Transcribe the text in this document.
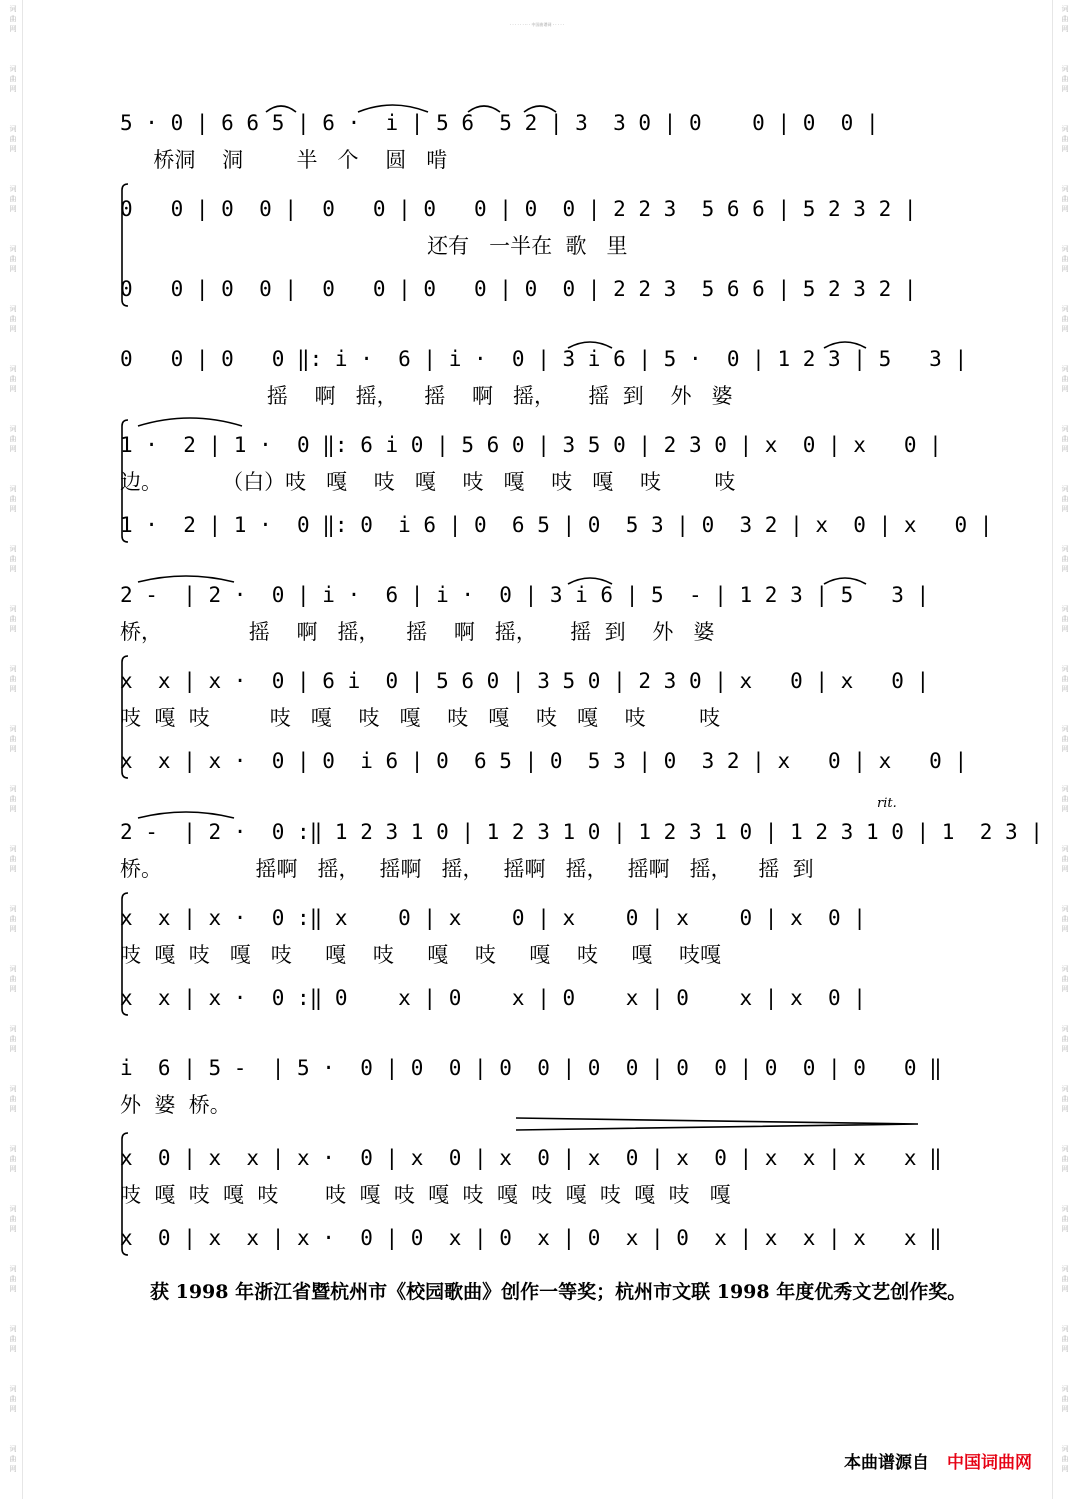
词
曲
网
词
曲
网
词
曲
网
词
曲
网
词
曲
网
词
曲
网
词
曲
网
词
曲
网
词
曲
网
词
曲
网
词
曲
网
词
曲
网
词
曲
网
词
曲
网
词
曲
网
词
曲
网
词
曲
网
词
曲
网
词
曲
网
词
曲
网
词
曲
网
词
曲
网
词
曲
网
词
曲
网
词
曲
网
词
曲
网
词
曲
网
词
曲
网
词
曲
网
词
曲
网
词
曲
网
词
曲
网
词
曲
网
词
曲
网
词
曲
网
词
曲
网
词
曲
网
词
曲
网
词
曲
网
词
曲
网
词
曲
网
词
曲
网
词
曲
网
词
曲
网
词
曲
网
词
曲
网
词
曲
网
词
曲
网
词
曲
网
词
曲
网
· · · · · · ·· · 中国曲谱网 · · · · ·
5 · 0 | 6 6 5 | 6 ·  i | 5 6  5 2 | 3  3 0 | 0    0 | 0  0 |
桥洞    洞        半   个    圆   啃
0   0 | 0  0 |  0   0 | 0   0 | 0  0 | 2 2 3  5 6 6 | 5 2 3 2 |
还有   一半在  歌   里
0   0 | 0  0 |  0   0 | 0   0 | 0  0 | 2 2 3  5 6 6 | 5 2 3 2 |
0   0 | 0   0 ‖: i ·  6 | i ·  0 | 3 i 6 | 5 ·  0 | 1 2 3 | 5   3 |
摇    啊   摇，    摇    啊   摇，     摇  到    外   婆
1 ·  2 | 1 ·  0 ‖: 6 i 0 | 5 6 0 | 3 5 0 | 2 3 0 | x  0 | x   0 |
边。         （白）吱   嘎    吱   嘎    吱   嘎    吱   嘎    吱        吱
1 ·  2 | 1 ·  0 ‖: 0  i 6 | 0  6 5 | 0  5 3 | 0  3 2 | x  0 | x   0 |
2 -  | 2 ·  0 | i ·  6 | i ·  0 | 3 i 6 | 5  - | 1 2 3 | 5   3 |
桥，             摇    啊   摇，    摇    啊   摇，     摇  到    外   婆
x  x | x ·  0 | 6 i  0 | 5 6 0 | 3 5 0 | 2 3 0 | x   0 | x   0 |
吱  嘎  吱         吱   嘎    吱   嘎    吱   嘎    吱   嘎    吱        吱
x  x | x ·  0 | 0  i 6 | 0  6 5 | 0  5 3 | 0  3 2 | x   0 | x   0 |
rit.
2 -  | 2 ·  0 :‖ 1 2 3 1 0 | 1 2 3 1 0 | 1 2 3 1 0 | 1 2 3 1 0 | 1  2 3 |
桥。              摇啊   摇，   摇啊   摇，   摇啊   摇，   摇啊   摇，    摇  到
x  x | x ·  0 :‖ x    0 | x    0 | x    0 | x    0 | x  0 |
吱  嘎  吱   嘎   吱     嘎    吱     嘎    吱     嘎    吱     嘎    吱嘎
x  x | x ·  0 :‖ 0    x | 0    x | 0    x | 0    x | x  0 |
i  6 | 5 -  | 5 ·  0 | 0  0 | 0  0 | 0  0 | 0  0 | 0  0 | 0   0 ‖
外  婆  桥。
x  0 | x  x | x ·  0 | x  0 | x  0 | x  0 | x  0 | x  x | x   x ‖
吱  嘎  吱  嘎  吱       吱  嘎  吱  嘎  吱  嘎  吱  嘎  吱  嘎  吱   嘎
x  0 | x  x | x ·  0 | 0  x | 0  x | 0  x | 0  x | x  x | x   x ‖
获 1998 年浙江省暨杭州市《校园歌曲》创作一等奖；杭州市文联 1998 年度优秀文艺创作奖。
本曲谱源自 中国词曲网
